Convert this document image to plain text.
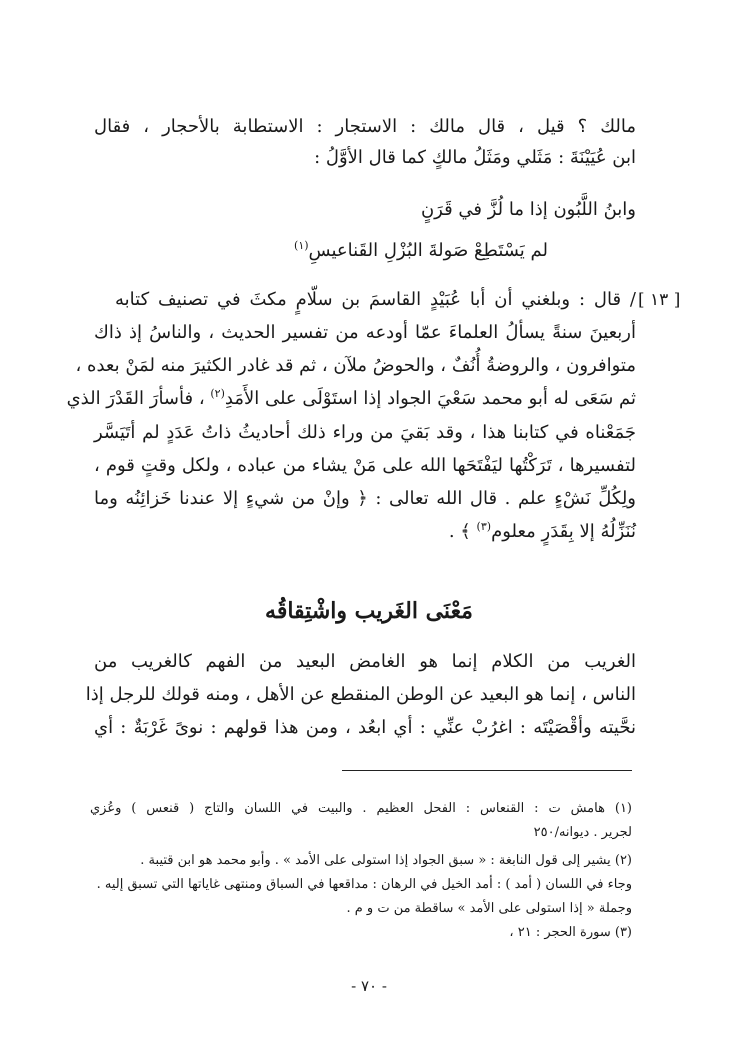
مالك ؟ قيل ، قال مالك : الاستجار : الاستطابة بالأحجار ، فقال
ابن عُيَيْنَةَ : مَثَلي ومَثَلُ مالكٍ كما قال الأوَّلُ :
وابنُ اللَّبُون إذا ما لُزَّ في قَرَنٍ
لم يَسْتَطِعْ صَولةَ البُزْلِ القَناعيسِ$^{(١)}$
[ ١٣ ]
/ قال : وبلغني أن أبا عُبَيْدٍ القاسمَ بن سلّامٍ مكثَ في تصنيف كتابه
أربعينَ سنةً يسألُ العلماءَ عمّا أودعه من تفسير الحديث ، والناسُ إذ ذاك
متوافرون ، والروضةُ أُنُفٌ ، والحوضُ ملآن ، ثم قد غادر الكثيرَ منه لمَنْ بعده ،
ثم سَعَى له أبو محمد سَعْيَ الجواد إذا استَوْلَى على الأَمَدِ$^{(٢)}$ ، فأسأرَ القَدْرَ الذي
جَمَعْناه في كتابنا هذا ، وقد بَقيَ من وراء ذلك أحاديثُ ذاتُ عَدَدٍ لم أتَيَسَّر
لتفسيرها ، تَرَكْتُها ليَفْتَحَها الله على مَنْ يشاء من عباده ، ولكل وقتٍ قوم ،
ولِكُلِّ نَشْءٍ علم . قال الله تعالى : ﴿ وإنْ من شيءٍ إلا عندنا خَزائِنُه وما
نُنَزِّلُهُ إلا بِقَدَرٍ معلوم$^{(٣)}$ ﴾ .
مَعْنَى الغَريب واشْتِقاقُه
الغريب من الكلام إنما هو الغامض البعيد من الفهم كالغريب من
الناس ، إنما هو البعيد عن الوطن المنقطع عن الأهل ، ومنه قولك للرجل إذا
نحَّيته وأقْصَيْتَه : اغرُبْ عنِّي : أي ابعُد ، ومن هذا قولهم : نوىً غَرْبَةٌ : أي
(١) هامش ت : القنعاس : الفحل العظيم . والبيت في اللسان والتاج ( قنعس ) وعُزي
لجرير . ديوانه/٢٥٠
(٢) يشير إلى قول النابغة : « سبق الجواد إذا استولى على الأمد » . وأبو محمد هو ابن قتيبة .
وجاء في اللسان ( أمد ) : أمد الخيل في الرهان : مداقعها في السباق ومنتهى غاياتها التي تسبق إليه .
وجملة « إذا استولى على الأمد » ساقطة من ت و م .
(٣) سورة الحجر : ٢١ ،
- ٧٠ -
